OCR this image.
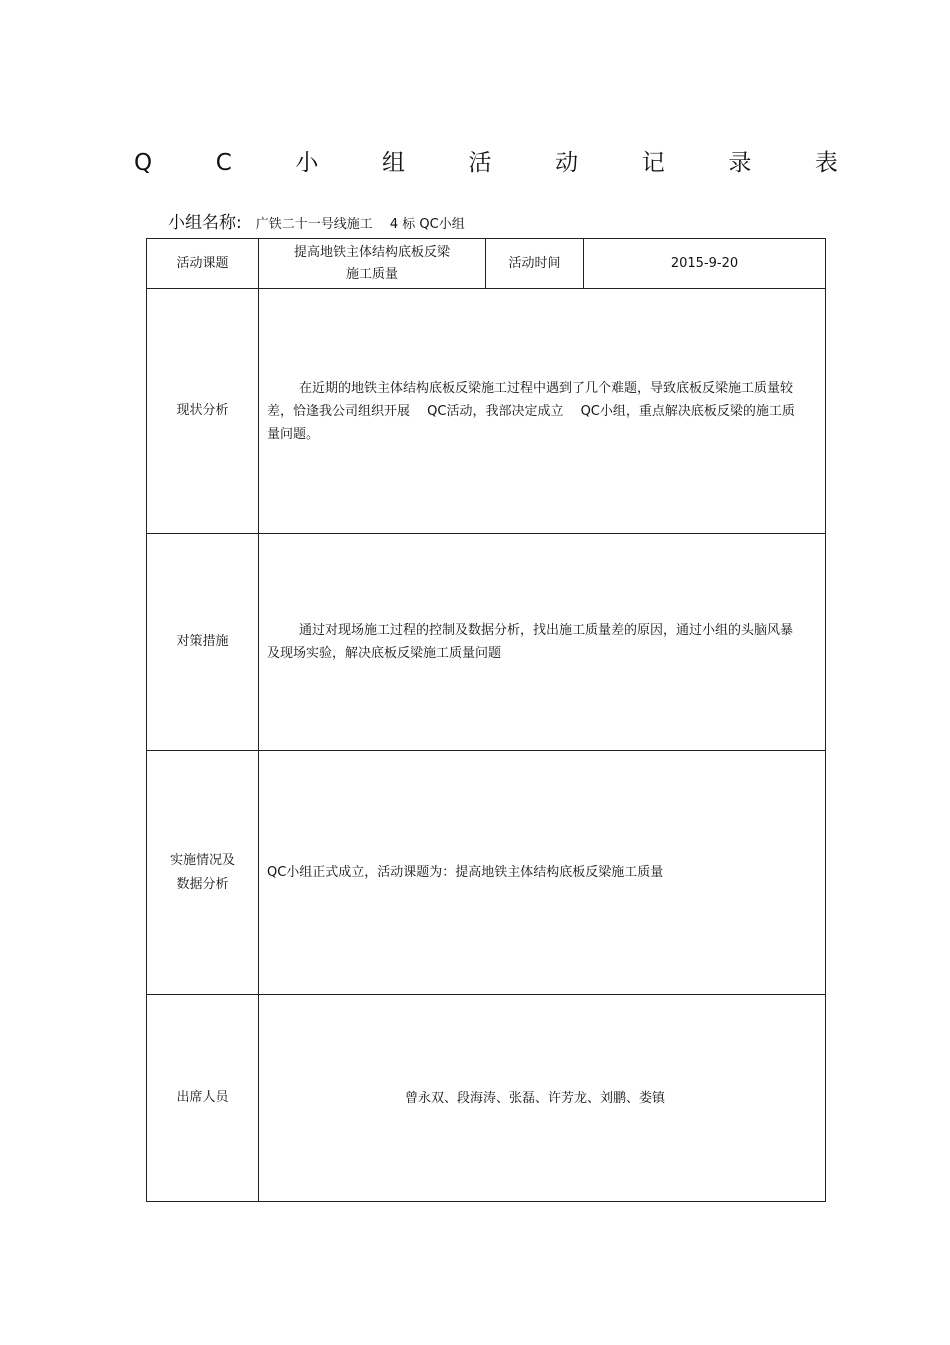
Q	C	小	组	活	动	记	录	表
小组名称: 广铁二十一号线施工　 4 标 QC小组
活动课题	提高地铁主体结构底板反梁施工质量	活动时间	2015-9-20
现状分析	在近期的地铁主体结构底板反梁施工过程中遇到了几个难题，导致底板反梁施工质量较差，恰逢我公司组织开展　 QC活动，我部决定成立　 QC小组，重点解决底板反梁的施工质量问题。		

对策措施	通过对现场施工过程的控制及数据分析，找出施工质量差的原因，通过小组的头脑风暴及现场实验，解决底板反梁施工质量问题		

实施情况及
数据分析	QC小组正式成立，活动课题为：提高地铁主体结构底板反梁施工质量		

出席人员	曾永双、段海涛、张磊、许芳龙、刘鹏、娄镇		
